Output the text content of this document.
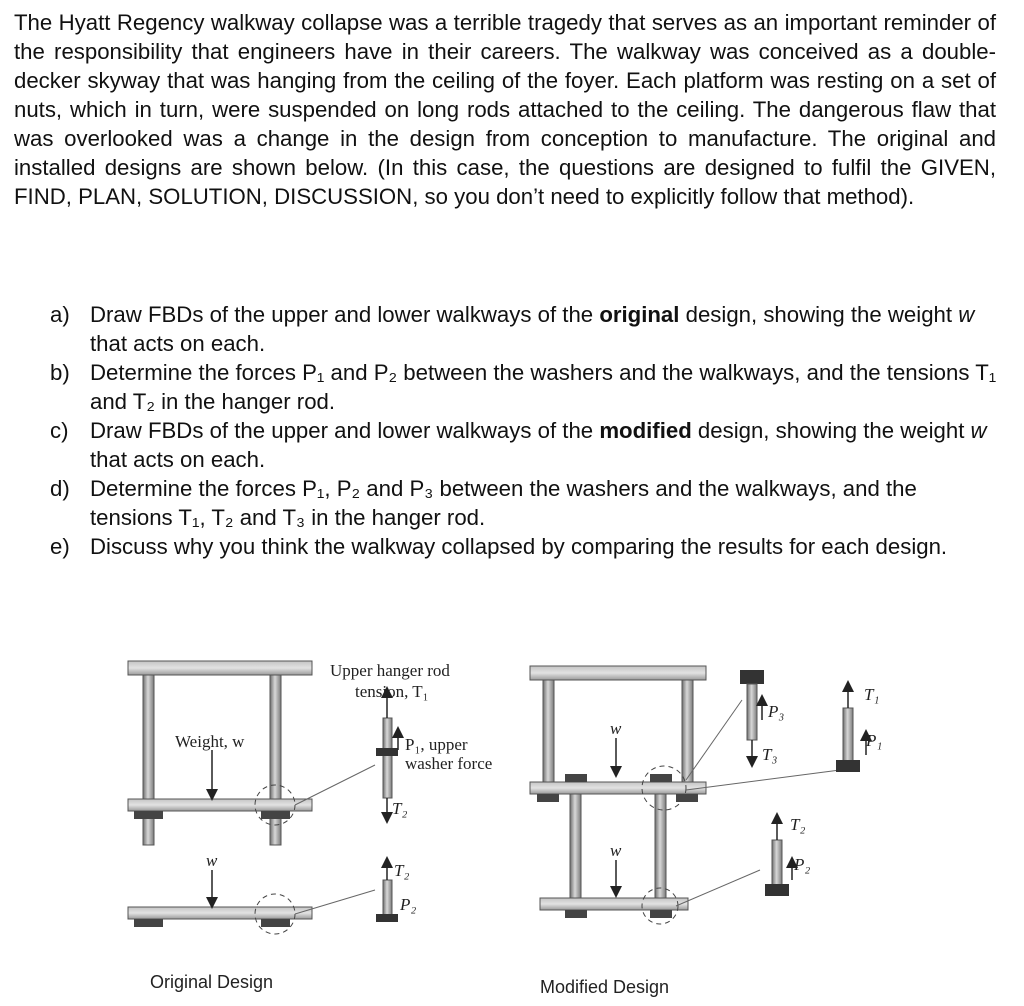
The Hyatt Regency walkway collapse was a terrible tragedy that serves as an important reminder of the responsibility that engineers have in their careers. The walkway was conceived as a double-decker skyway that was hanging from the ceiling of the foyer. Each platform was resting on a set of nuts, which in turn, were suspended on long rods attached to the ceiling. The dangerous flaw that was overlooked was a change in the design from conception to manufacture. The original and installed designs are shown below. (In this case, the questions are designed to fulfil the GIVEN, FIND, PLAN, SOLUTION, DISCUSSION, so you don’t need to explicitly follow that method).

a) Draw FBDs of the upper and lower walkways of the original design, showing the weight w that acts on each.
b) Determine the forces P₁ and P₂ between the washers and the walkways, and the tensions T₁ and T₂ in the hanger rod.
c) Draw FBDs of the upper and lower walkways of the modified design, showing the weight w that acts on each.
d) Determine the forces P₁, P₂ and P₃ between the washers and the walkways, and the tensions T₁, T₂ and T₃ in the hanger rod.
e) Discuss why you think the walkway collapsed by comparing the results for each design.
Upper hanger rod
tension, T₁
Weight, w
w
P₁, upper
washer force
T₂
T₂
P₂
w
w
P₃
T₃
T₁
P₁
T₂
P₂
Original Design	Modified Design
